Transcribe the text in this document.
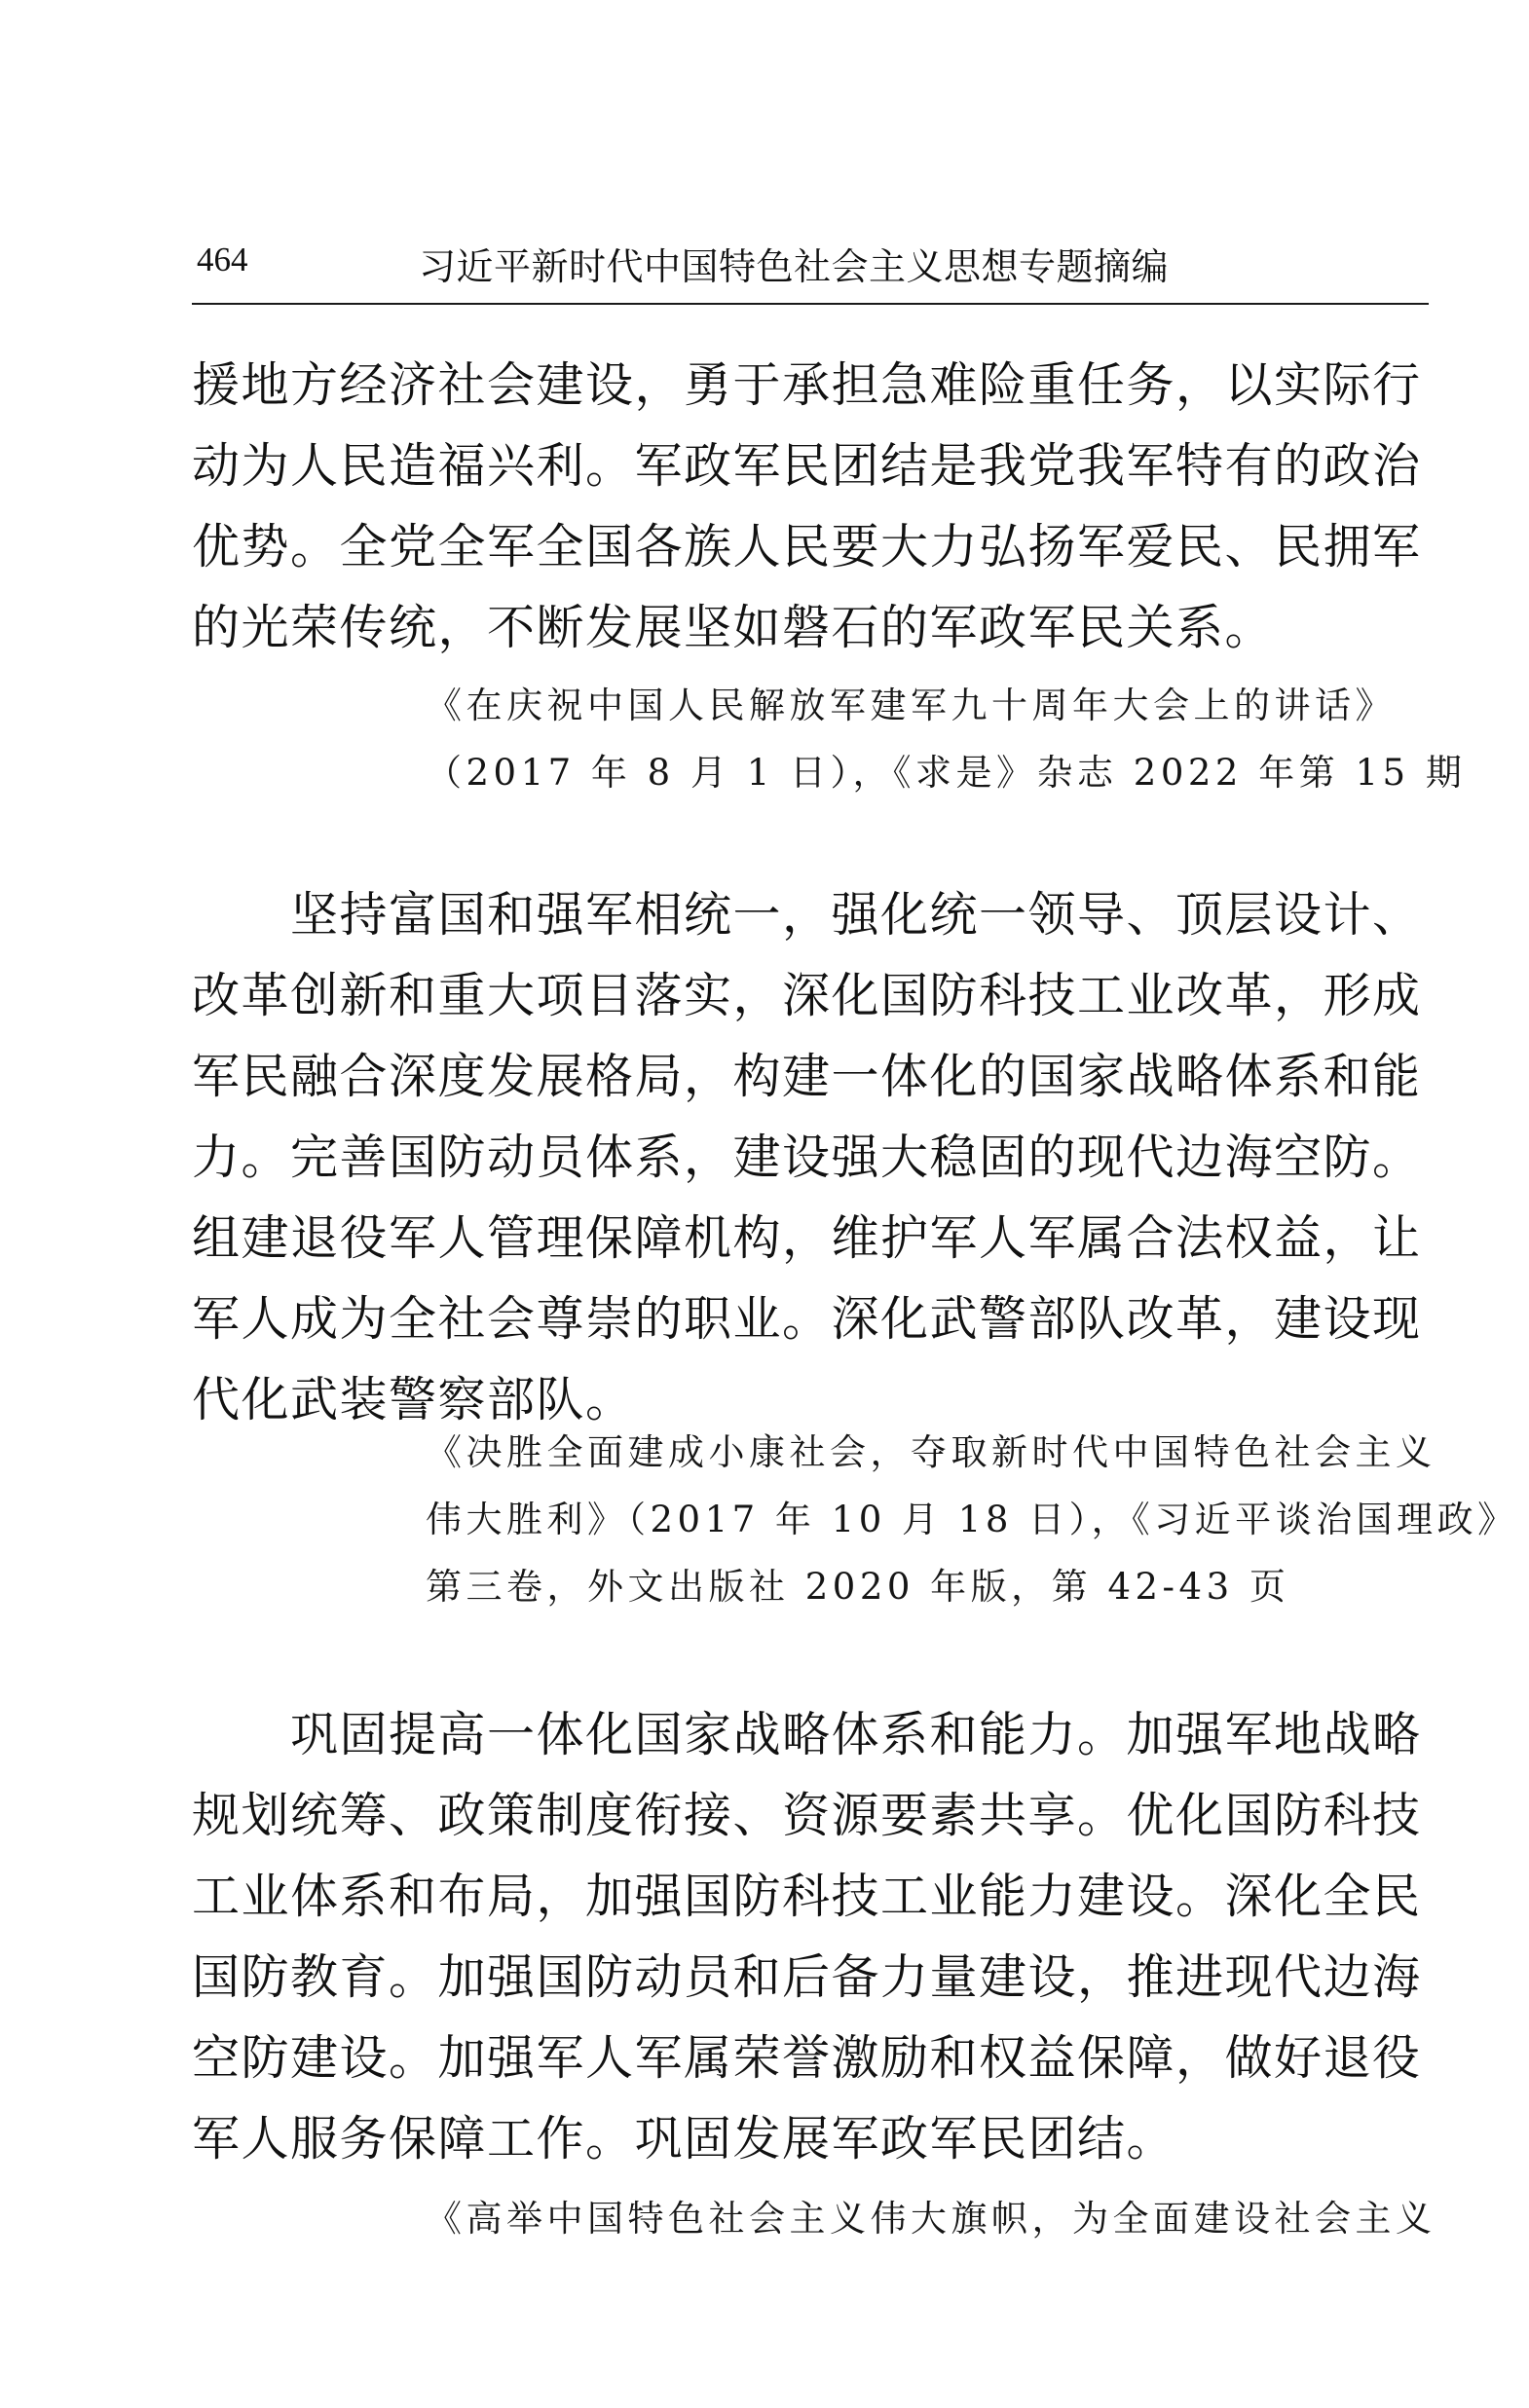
464	习近平新时代中国特色社会主义思想专题摘编
援地方经济社会建设，勇于承担急难险重任务，以实际行
动为人民造福兴利。军政军民团结是我党我军特有的政治
优势。全党全军全国各族人民要大力弘扬军爱民、民拥军
的光荣传统，不断发展坚如磐石的军政军民关系。
《在庆祝中国人民解放军建军九十周年大会上的讲话》
（2017 年 8 月 1 日），《求是》杂志 2022 年第 15 期
　　坚持富国和强军相统一，强化统一领导、顶层设计、
改革创新和重大项目落实，深化国防科技工业改革，形成
军民融合深度发展格局，构建一体化的国家战略体系和能
力。完善国防动员体系，建设强大稳固的现代边海空防。
组建退役军人管理保障机构，维护军人军属合法权益，让
军人成为全社会尊崇的职业。深化武警部队改革，建设现
代化武装警察部队。
《决胜全面建成小康社会，夺取新时代中国特色社会主义
伟大胜利》（2017 年 10 月 18 日），《习近平谈治国理政》
第三卷，外文出版社 2020 年版，第 42-43 页
　　巩固提高一体化国家战略体系和能力。加强军地战略
规划统筹、政策制度衔接、资源要素共享。优化国防科技
工业体系和布局，加强国防科技工业能力建设。深化全民
国防教育。加强国防动员和后备力量建设，推进现代边海
空防建设。加强军人军属荣誉激励和权益保障，做好退役
军人服务保障工作。巩固发展军政军民团结。
《高举中国特色社会主义伟大旗帜，为全面建设社会主义
